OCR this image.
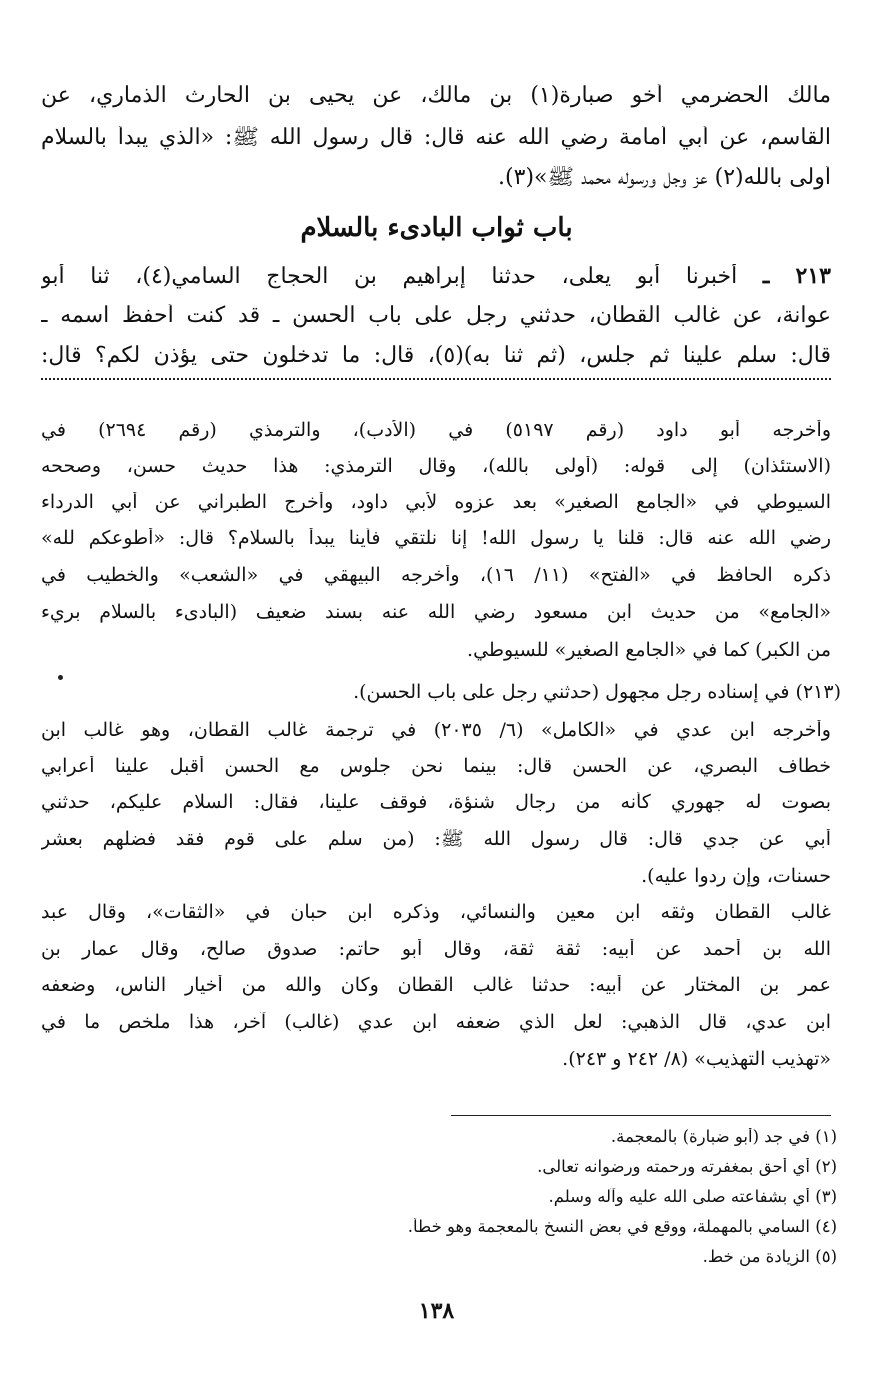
مالك الحضرمي أخو صبارة(١) بن مالك، عن يحيى بن الحارث الذماري، عن
القاسم، عن أبي أمامة رضي الله عنه قال: قال رسول الله ﷺ: «الذي يبدأ بالسلام
أولى بالله(٢) عز وجل ورسوله محمد ﷺ»(٣).
باب ثواب البادىء بالسلام
٢١٣ ـ أخبرنا أبو يعلى، حدثنا إبراهيم بن الحجاج السامي(٤)، ثنا أبو
عوانة، عن غالب القطان، حدثني رجل على باب الحسن ـ قد كنت أحفظ اسمه ـ
قال: سلم علينا ثم جلس، (ثم ثنا به)(٥)، قال: ما تدخلون حتى يؤذن لكم؟ قال:
وأخرجه أبو داود (رقم ٥١٩٧) في (الأدب)، والترمذي (رقم ٢٦٩٤) في
(الاستئذان) إلى قوله: (أولى بالله)، وقال الترمذي: هذا حديث حسن، وصححه
السيوطي في «الجامع الصغير» بعد عزوه لأبي داود، وأخرج الطبراني عن أبي الدرداء
رضي الله عنه قال: قلنا يا رسول الله! إنا نلتقي فأينا يبدأ بالسلام؟ قال: «أطوعكم لله»
ذكره الحافظ في «الفتح» (١١/ ١٦)، وأخرجه البيهقي في «الشعب» والخطيب في
«الجامع» من حديث ابن مسعود رضي الله عنه بسند ضعيف (البادىء بالسلام بريء
من الكبر) كما في «الجامع الصغير» للسيوطي.
(٢١٣) في إسناده رجل مجهول (حدثني رجل على باب الحسن).
وأخرجه ابن عدي في «الكامل» (٦/ ٢٠٣٥) في ترجمة غالب القطان، وهو غالب ابن
خطاف البصري، عن الحسن قال: بينما نحن جلوس مع الحسن أقبل علينا أعرابي
بصوت له جهوري كأنه من رجال شنؤة، فوقف علينا، فقال: السلام عليكم، حدثني
أبي عن جدي قال: قال رسول الله ﷺ: (من سلم على قوم فقد فضلهم بعشر
حسنات، وإن ردوا عليه).
غالب القطان وثقه ابن معين والنسائي، وذكره ابن حبان في «الثقات»، وقال عبد
الله بن أحمد عن أبيه: ثقة ثقة، وقال أبو حاتم: صدوق صالح، وقال عمار بن
عمر بن المختار عن أبيه: حدثنا غالب القطان وكان والله من أخيار الناس، وضعفه
ابن عدي، قال الذهبي: لعل الذي ضعفه ابن عدي (غالب) آخر، هذا ملخص ما في
«تهذيب التهذيب» (٨/ ٢٤٢ و ٢٤٣).
(١) في جد (أبو ضبارة) بالمعجمة.
(٢) أي أحق بمغفرته ورحمته ورضوانه تعالى.
(٣) أي بشفاعته صلى الله عليه وآله وسلم.
(٤) السامي بالمهملة، ووقع في بعض النسخ بالمعجمة وهو خطأ.
(٥) الزيادة من خط.
١٣٨
